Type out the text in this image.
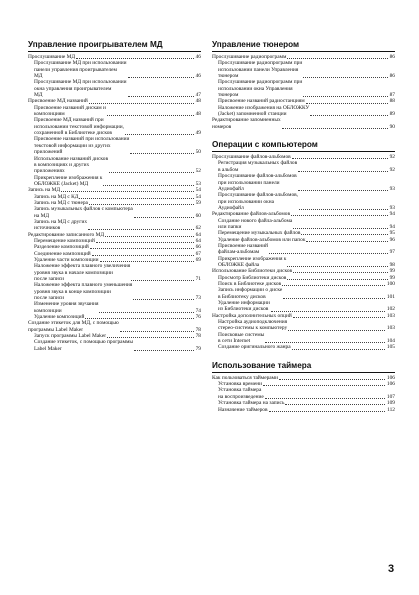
Управление проигрывателем МД
Прослушивание МД	46
Прослушивание МД при использовании
панели управления проигрывателем
МД	46
Прослушивание МД при использовании
окна управления проигрывателем
МД	47
Присвоение МД названий	48
Присвоение названий дискам и
композициям	48
Присвоение МД названий при
использовании текстовой информации,
сохраненной в Библиотеке дисков	49
Присвоение названий при использовании
текстовой информации из других
приложений	50
Использование названий дисков
в композициях и других
приложениях	52
Прикрепление изображения к
ОБЛОЖКЕ (Jacket) МД	53
Запись на МД	54
Запись на МД с КД	54
Запись на МД с тюнера	59
Запись музыкальных файлов с компьютера
на МД	60
Запись на МД с других
источников	62
Редактирование записанного МД	64
Перемещение композиций	64
Разделение композиций	66
Соединение композиций	67
Удаление части композиции	69
Наложение эффекта плавного увеличения
уровня звука в начале композиции
после записи	71
Наложение эффекта плавного уменьшения
уровня звука в конце композиции
после записи	73
Изменение уровня звучания
композиции	74
Удаление композиций	76
Создание этикеток для МД, с помощью
программы Label Maker	78
Запуск программы Label Maker	78
Создание этикеток, с помощью программы
Label Maker	79
Управление тюнером
Прослушивание радиопрограмм	86
Прослушивание радиопрограмм при
использовании панели Управления
тюнером	86
Прослушивание радиопрограмм при
использовании окна Управления
тюнером	87
Присвоение названий радиостанциям	88
Наложение изображения на ОБЛОЖКУ
(Jacket) запомненной станции	89
Редактирование запомненных
номеров	90
Операции с компьютером
Прослушивание файлов-альбомов	92
Регистрация музыкальных файлов
в альбом	92
Прослушивание файлов-альбомов
при использовании панели
Аудиофайл	93
Прослушивание файлов-альбомов,
при использовании окна
Аудиофайл	93
Редактирование файлов-альбомов	94
Создание нового файла-альбома
или папки	94
Перемещение музыкальных файлов	95
Удаление файлов-альбомов или папок	96
Присвоение названий
файлам-альбомам	97
Прикрепление изображения к
ОБЛОЖКЕ файла	98
Использование Библиотеки дисков	99
Просмотр Библиотеки дисков	99
Поиск в Библиотеке дисков	100
Запись информации о диске
в Библиотеку дисков	101
Удаление информации
из Библиотеки дисков	102
Настройка дополнительных опций	103
Настройка аудиоподключения
стерео-системы к компьютеру	103
Поисковые системы
в сети Internet	104
Создание оригинального жанра	105
Использование таймера
Как пользоваться таймерами	106
Установка времени	106
Установка таймера
на воспроизведение	107
Установка таймера на запись	109
Назначение таймеров	112
3
